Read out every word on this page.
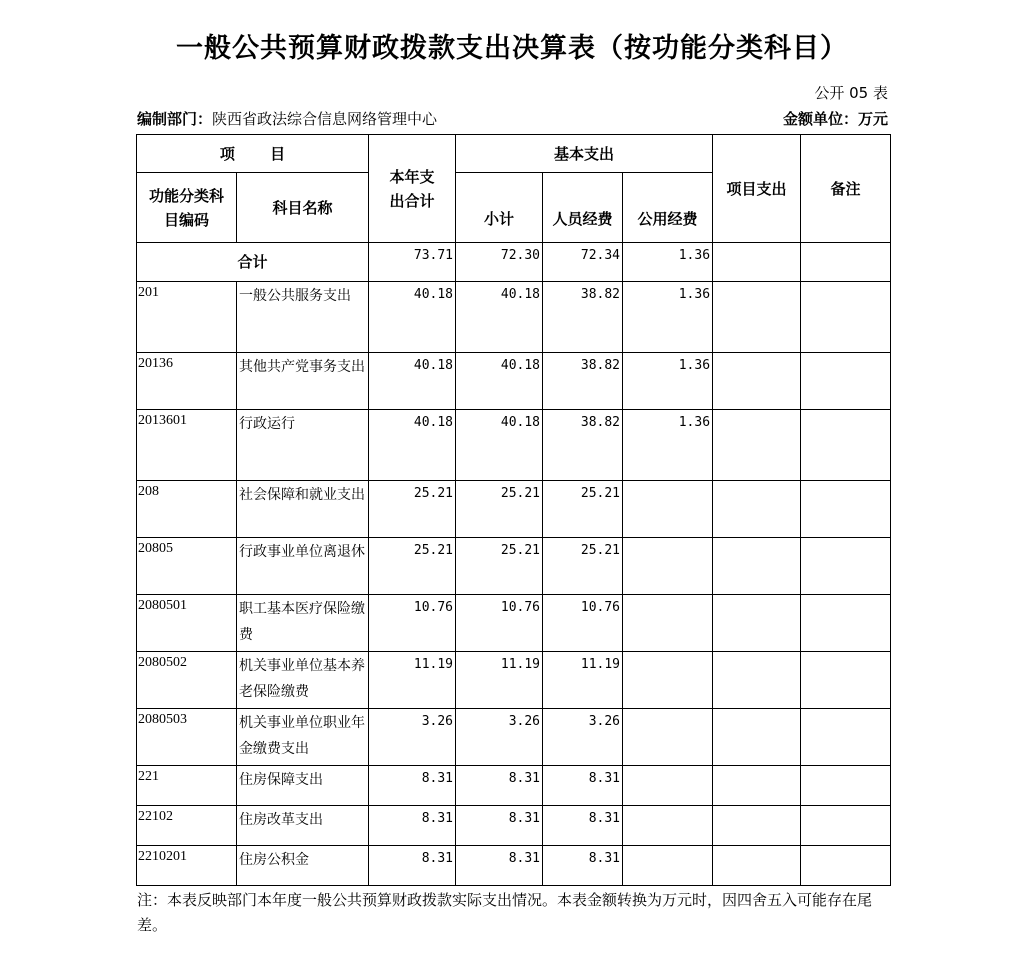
一般公共预算财政拨款支出决算表（按功能分类科目）
公开 05 表
编制部门：陕西省政法综合信息网络管理中心	金额单位：万元
项 目		本年支出合计	基本支出			项目支出	备注
功能分类科目编码	科目名称		小计	人员经费	公用经费		
合计		73.71	72.30	72.34	1.36		
201	一般公共服务支出	40.18	40.18	38.82	1.36		
20136	其他共产党事务支出	40.18	40.18	38.82	1.36		
2013601	行政运行	40.18	40.18	38.82	1.36		
208	社会保障和就业支出	25.21	25.21	25.21			
20805	行政事业单位离退休	25.21	25.21	25.21			
2080501	职工基本医疗保险缴费	10.76	10.76	10.76			
2080502	机关事业单位基本养老保险缴费	11.19	11.19	11.19			
2080503	机关事业单位职业年金缴费支出	3.26	3.26	3.26			
221	住房保障支出	8.31	8.31	8.31			
22102	住房改革支出	8.31	8.31	8.31			
2210201	住房公积金	8.31	8.31	8.31			
注：本表反映部门本年度一般公共预算财政拨款实际支出情况。本表金额转换为万元时，因四舍五入可能存在尾差。
